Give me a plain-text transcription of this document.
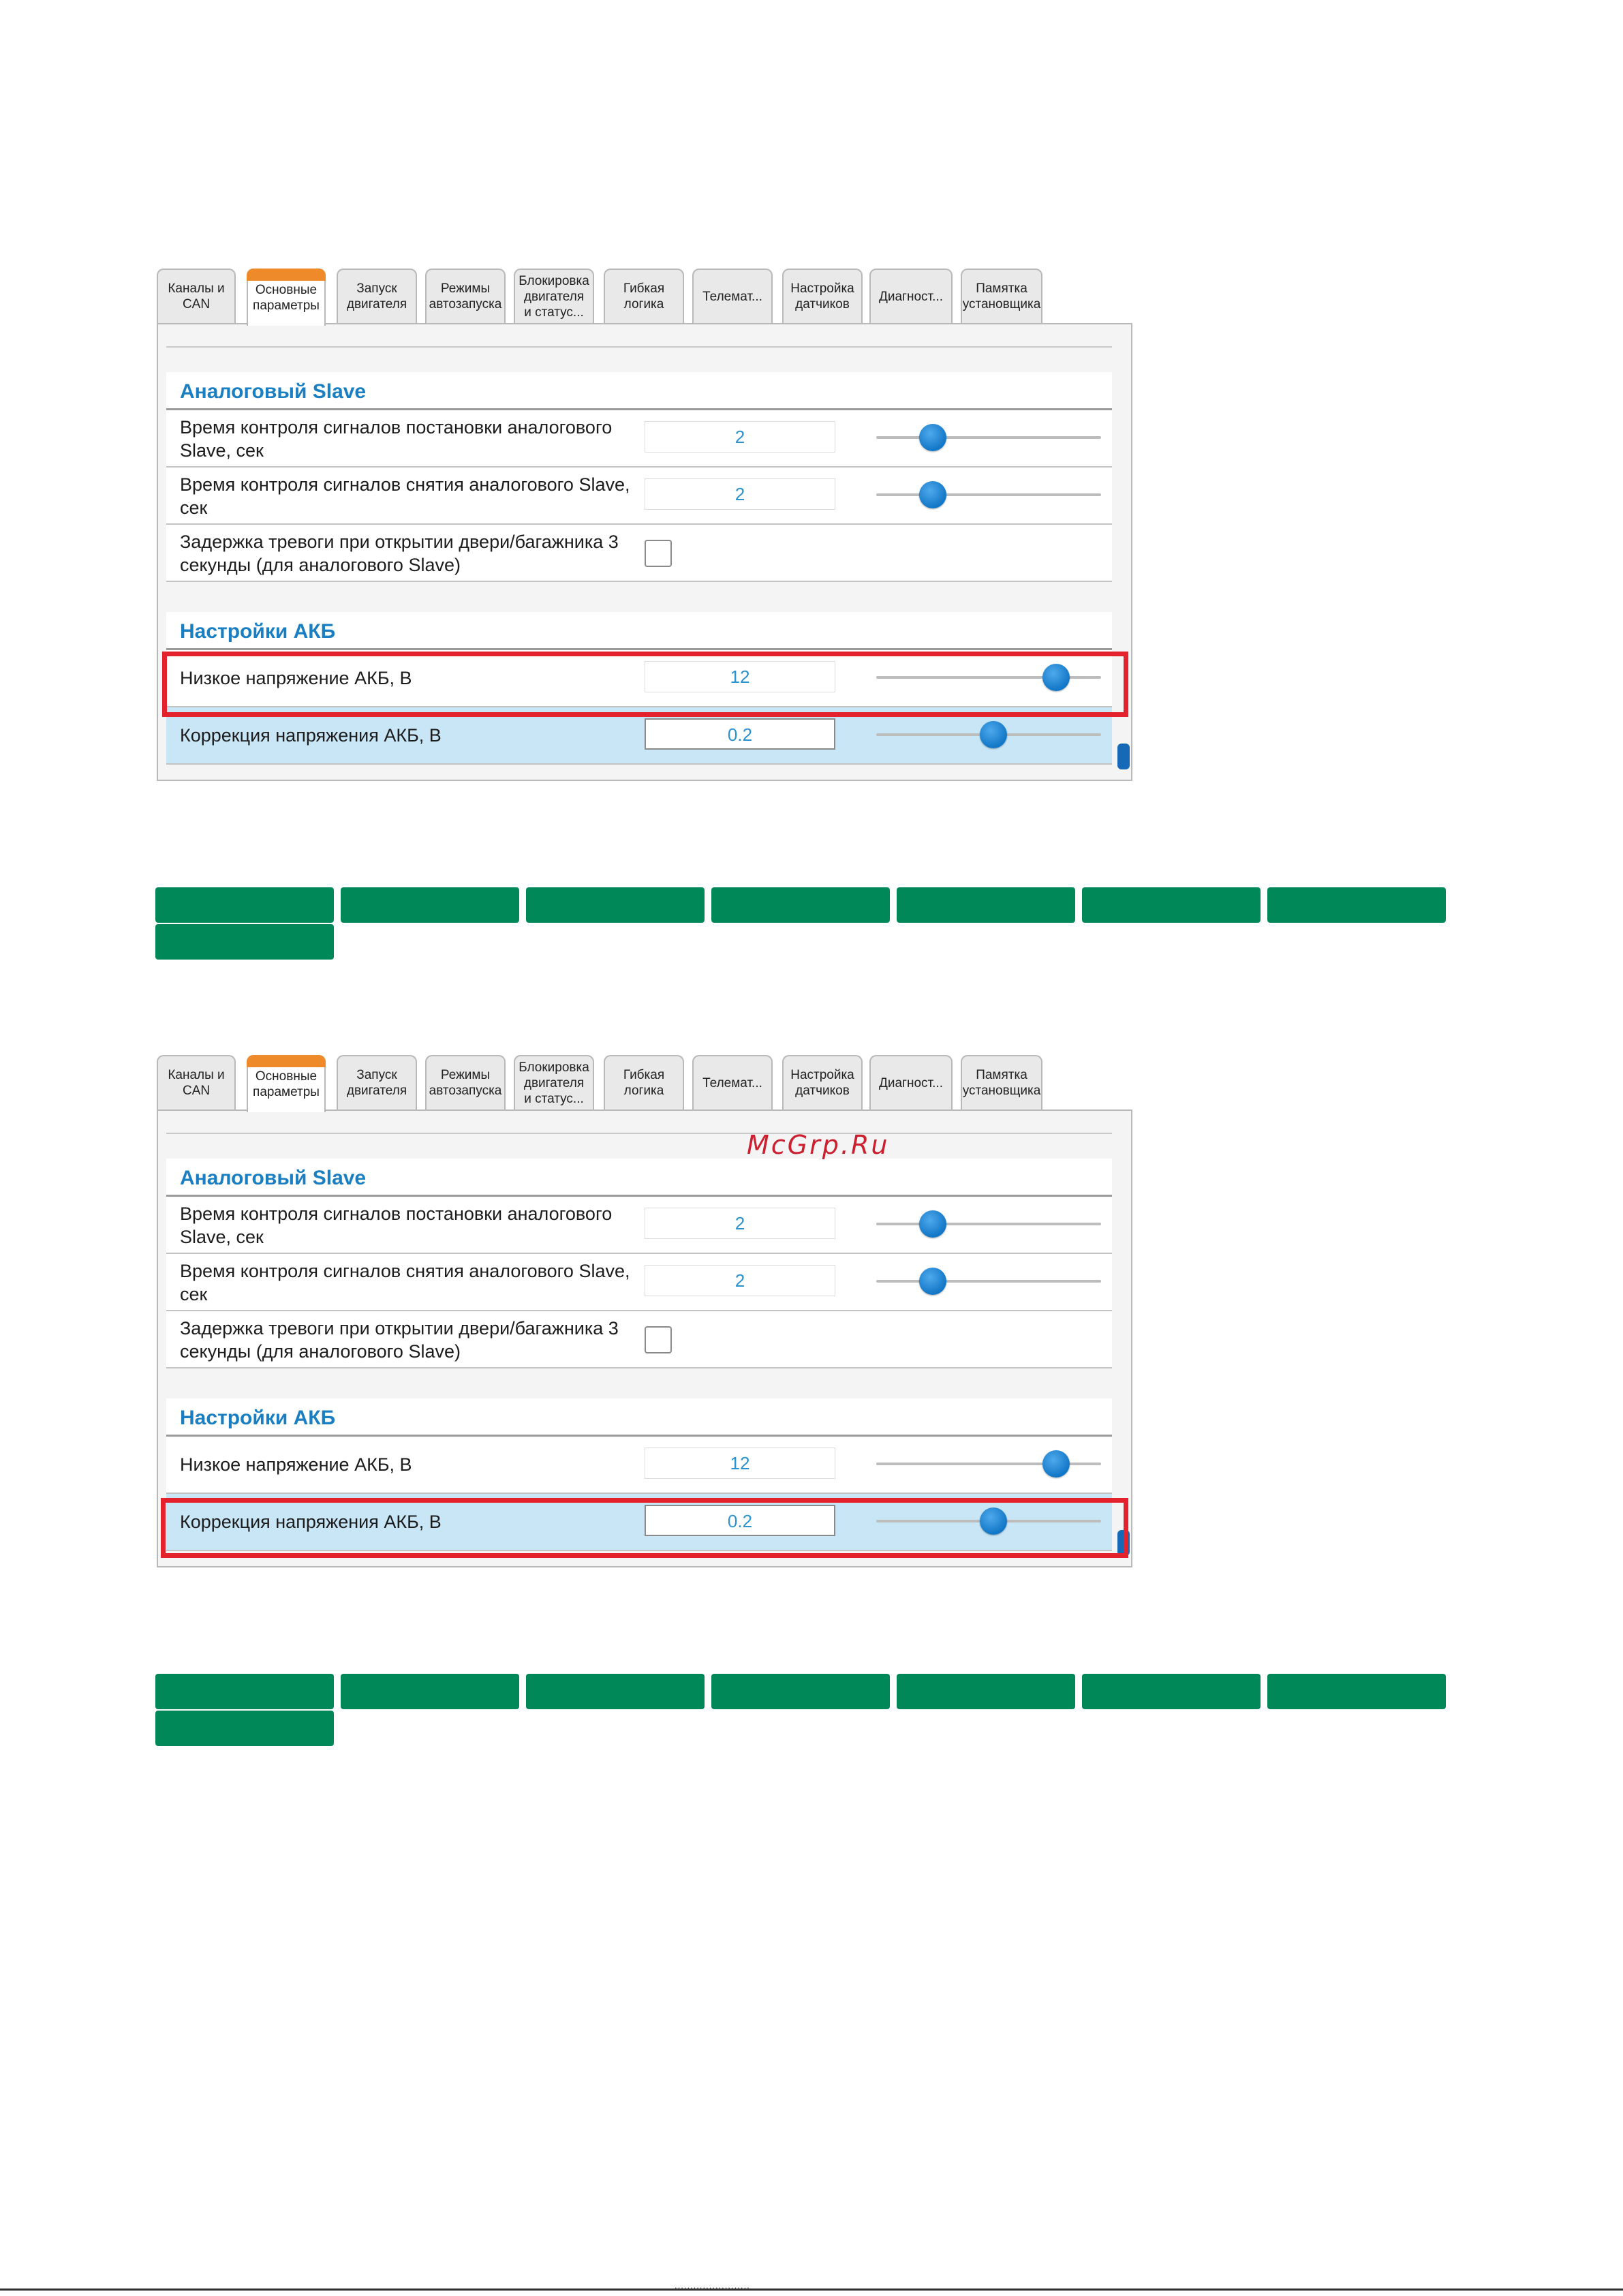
Каналы и
CAN
Основные
параметры
Запуск
двигателя
Режимы
автозапуска
Блокировка
двигателя
и статус...
Гибкая
логика
Телемат...
Настройка
датчиков
Диагност...
Памятка
установщика
Аналоговый Slave
Время контроля сигналов постановки аналогового Slave, сек
2
Время контроля сигналов снятия аналогового Slave, сек
2
Задержка тревоги при открытии двери/багажника 3 секунды (для аналогового Slave)
Настройки АКБ
Низкое напряжение АКБ, В	12
Коррекция напряжения АКБ, В	0.2
Каналы и
CAN
Основные
параметры
Запуск
двигателя
Режимы
автозапуска
Блокировка
двигателя
и статус...
Гибкая
логика
Телемат...
Настройка
датчиков
Диагност...
Памятка
установщика
Аналоговый Slave
Время контроля сигналов постановки аналогового Slave, сек
2
Время контроля сигналов снятия аналогового Slave, сек
2
Задержка тревоги при открытии двери/багажника 3 секунды (для аналогового Slave)
Настройки АКБ
Низкое напряжение АКБ, В	12
Коррекция напряжения АКБ, В	0.2
McGrp.Ru
........................
